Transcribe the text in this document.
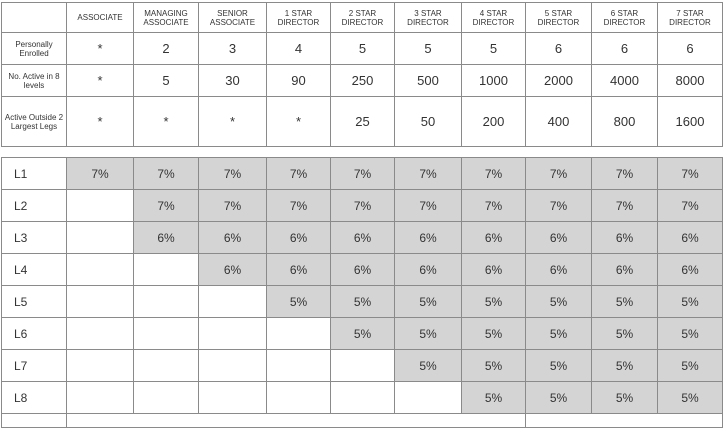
	ASSOCIATE	MANAGING ASSOCIATE	SENIOR ASSOCIATE	1 STAR DIRECTOR	2 STAR DIRECTOR	3 STAR DIRECTOR	4 STAR DIRECTOR	5 STAR DIRECTOR	6 STAR DIRECTOR	7 STAR DIRECTOR
Personally Enrolled	*	2	3	4	5	5	5	6	6	6
No. Active in 8 levels	*	5	30	90	250	500	1000	2000	4000	8000
Active Outside 2 Largest Legs	*	*	*	*	25	50	200	400	800	1600
L1	7%	7%	7%	7%	7%	7%	7%	7%	7%	7%
L2		7%	7%	7%	7%	7%	7%	7%	7%	7%
L3		6%	6%	6%	6%	6%	6%	6%	6%	6%
L4			6%	6%	6%	6%	6%	6%	6%	6%
L5				5%	5%	5%	5%	5%	5%	5%
L6					5%	5%	5%	5%	5%	5%
L7						5%	5%	5%	5%	5%
L8							5%	5%	5%	5%
